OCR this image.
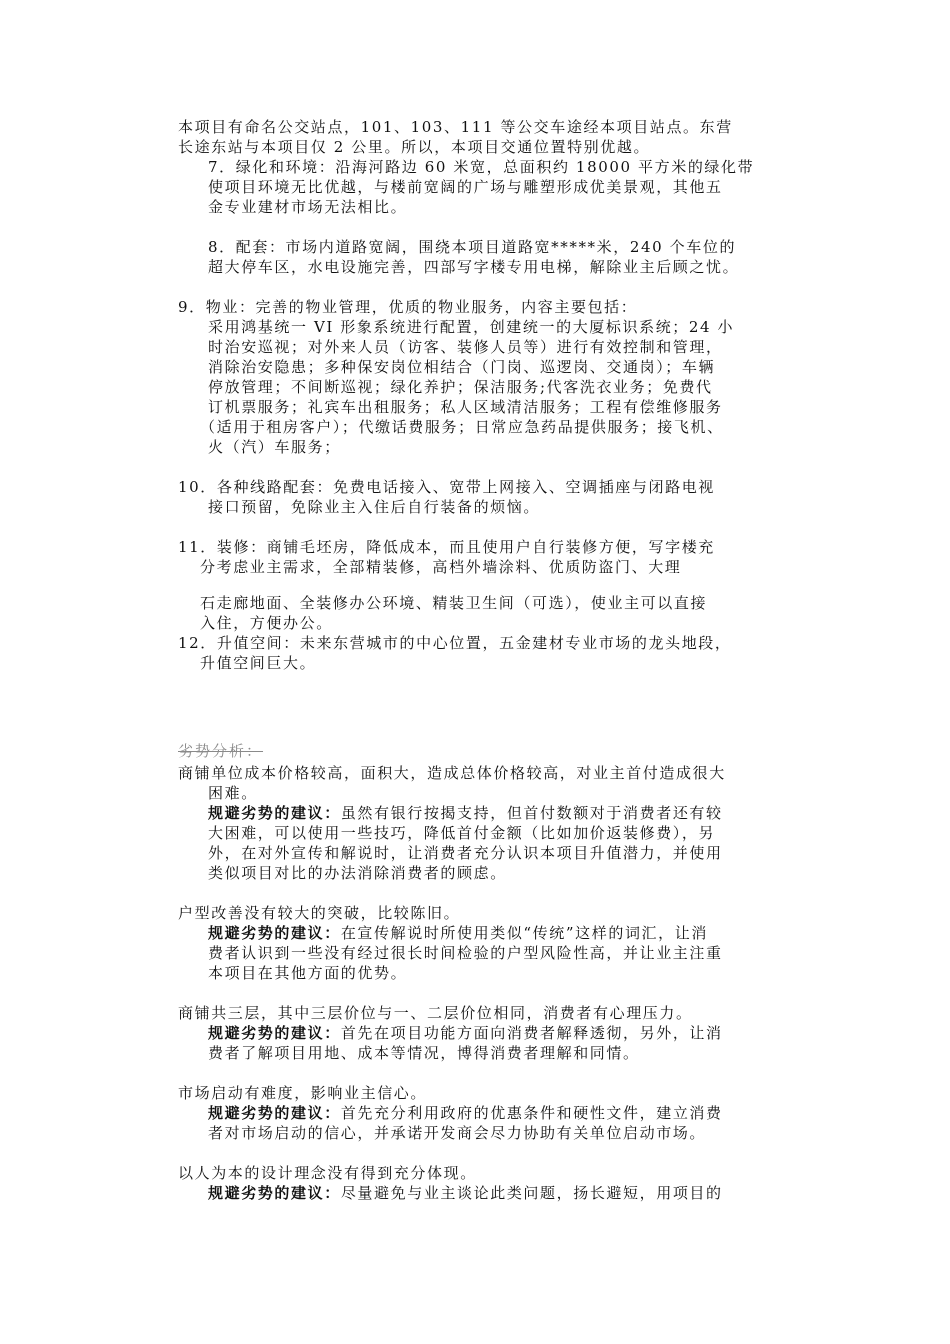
本项目有命名公交站点，101、103、111 等公交车途经本项目站点。东营
长途东站与本项目仅 2 公里。所以，本项目交通位置特别优越。
7．绿化和环境：沿海河路边 60 米宽，总面积约 18000 平方米的绿化带
使项目环境无比优越，与楼前宽阔的广场与雕塑形成优美景观，其他五
金专业建材市场无法相比。
8．配套：市场内道路宽阔，围绕本项目道路宽*****米，240 个车位的
超大停车区，水电设施完善，四部写字楼专用电梯，解除业主后顾之忧。
9．物业：完善的物业管理，优质的物业服务，内容主要包括：
采用鸿基统一 VI 形象系统进行配置，创建统一的大厦标识系统；24 小
时治安巡视；对外来人员（访客、装修人员等）进行有效控制和管理，
消除治安隐患；多种保安岗位相结合（门岗、巡逻岗、交通岗）；车辆
停放管理；不间断巡视；绿化养护；保洁服务;代客洗衣业务；免费代
订机票服务；礼宾车出租服务；私人区域清洁服务；工程有偿维修服务
（适用于租房客户）；代缴话费服务；日常应急药品提供服务；接飞机、
火（汽）车服务；
10．各种线路配套：免费电话接入、宽带上网接入、空调插座与闭路电视
接口预留，免除业主入住后自行装备的烦恼。
11．装修：商铺毛坯房，降低成本，而且使用户自行装修方便，写字楼充
分考虑业主需求，全部精装修，高档外墙涂料、优质防盗门、大理
石走廊地面、全装修办公环境、精装卫生间（可选），使业主可以直接
入住，方便办公。
12．升值空间：未来东营城市的中心位置，五金建材专业市场的龙头地段，
升值空间巨大。
劣势分析：
商铺单位成本价格较高，面积大，造成总体价格较高，对业主首付造成很大
困难。
规避劣势的建议：虽然有银行按揭支持，但首付数额对于消费者还有较
大困难，可以使用一些技巧，降低首付金额（比如加价返装修费），另
外，在对外宣传和解说时，让消费者充分认识本项目升值潜力，并使用
类似项目对比的办法消除消费者的顾虑。
户型改善没有较大的突破，比较陈旧。
规避劣势的建议：在宣传解说时所使用类似“传统”这样的词汇，让消
费者认识到一些没有经过很长时间检验的户型风险性高，并让业主注重
本项目在其他方面的优势。
商铺共三层，其中三层价位与一、二层价位相同，消费者有心理压力。
规避劣势的建议：首先在项目功能方面向消费者解释透彻，另外，让消
费者了解项目用地、成本等情况，博得消费者理解和同情。
市场启动有难度，影响业主信心。
规避劣势的建议：首先充分利用政府的优惠条件和硬性文件，建立消费
者对市场启动的信心，并承诺开发商会尽力协助有关单位启动市场。
以人为本的设计理念没有得到充分体现。
规避劣势的建议：尽量避免与业主谈论此类问题，扬长避短，用项目的
